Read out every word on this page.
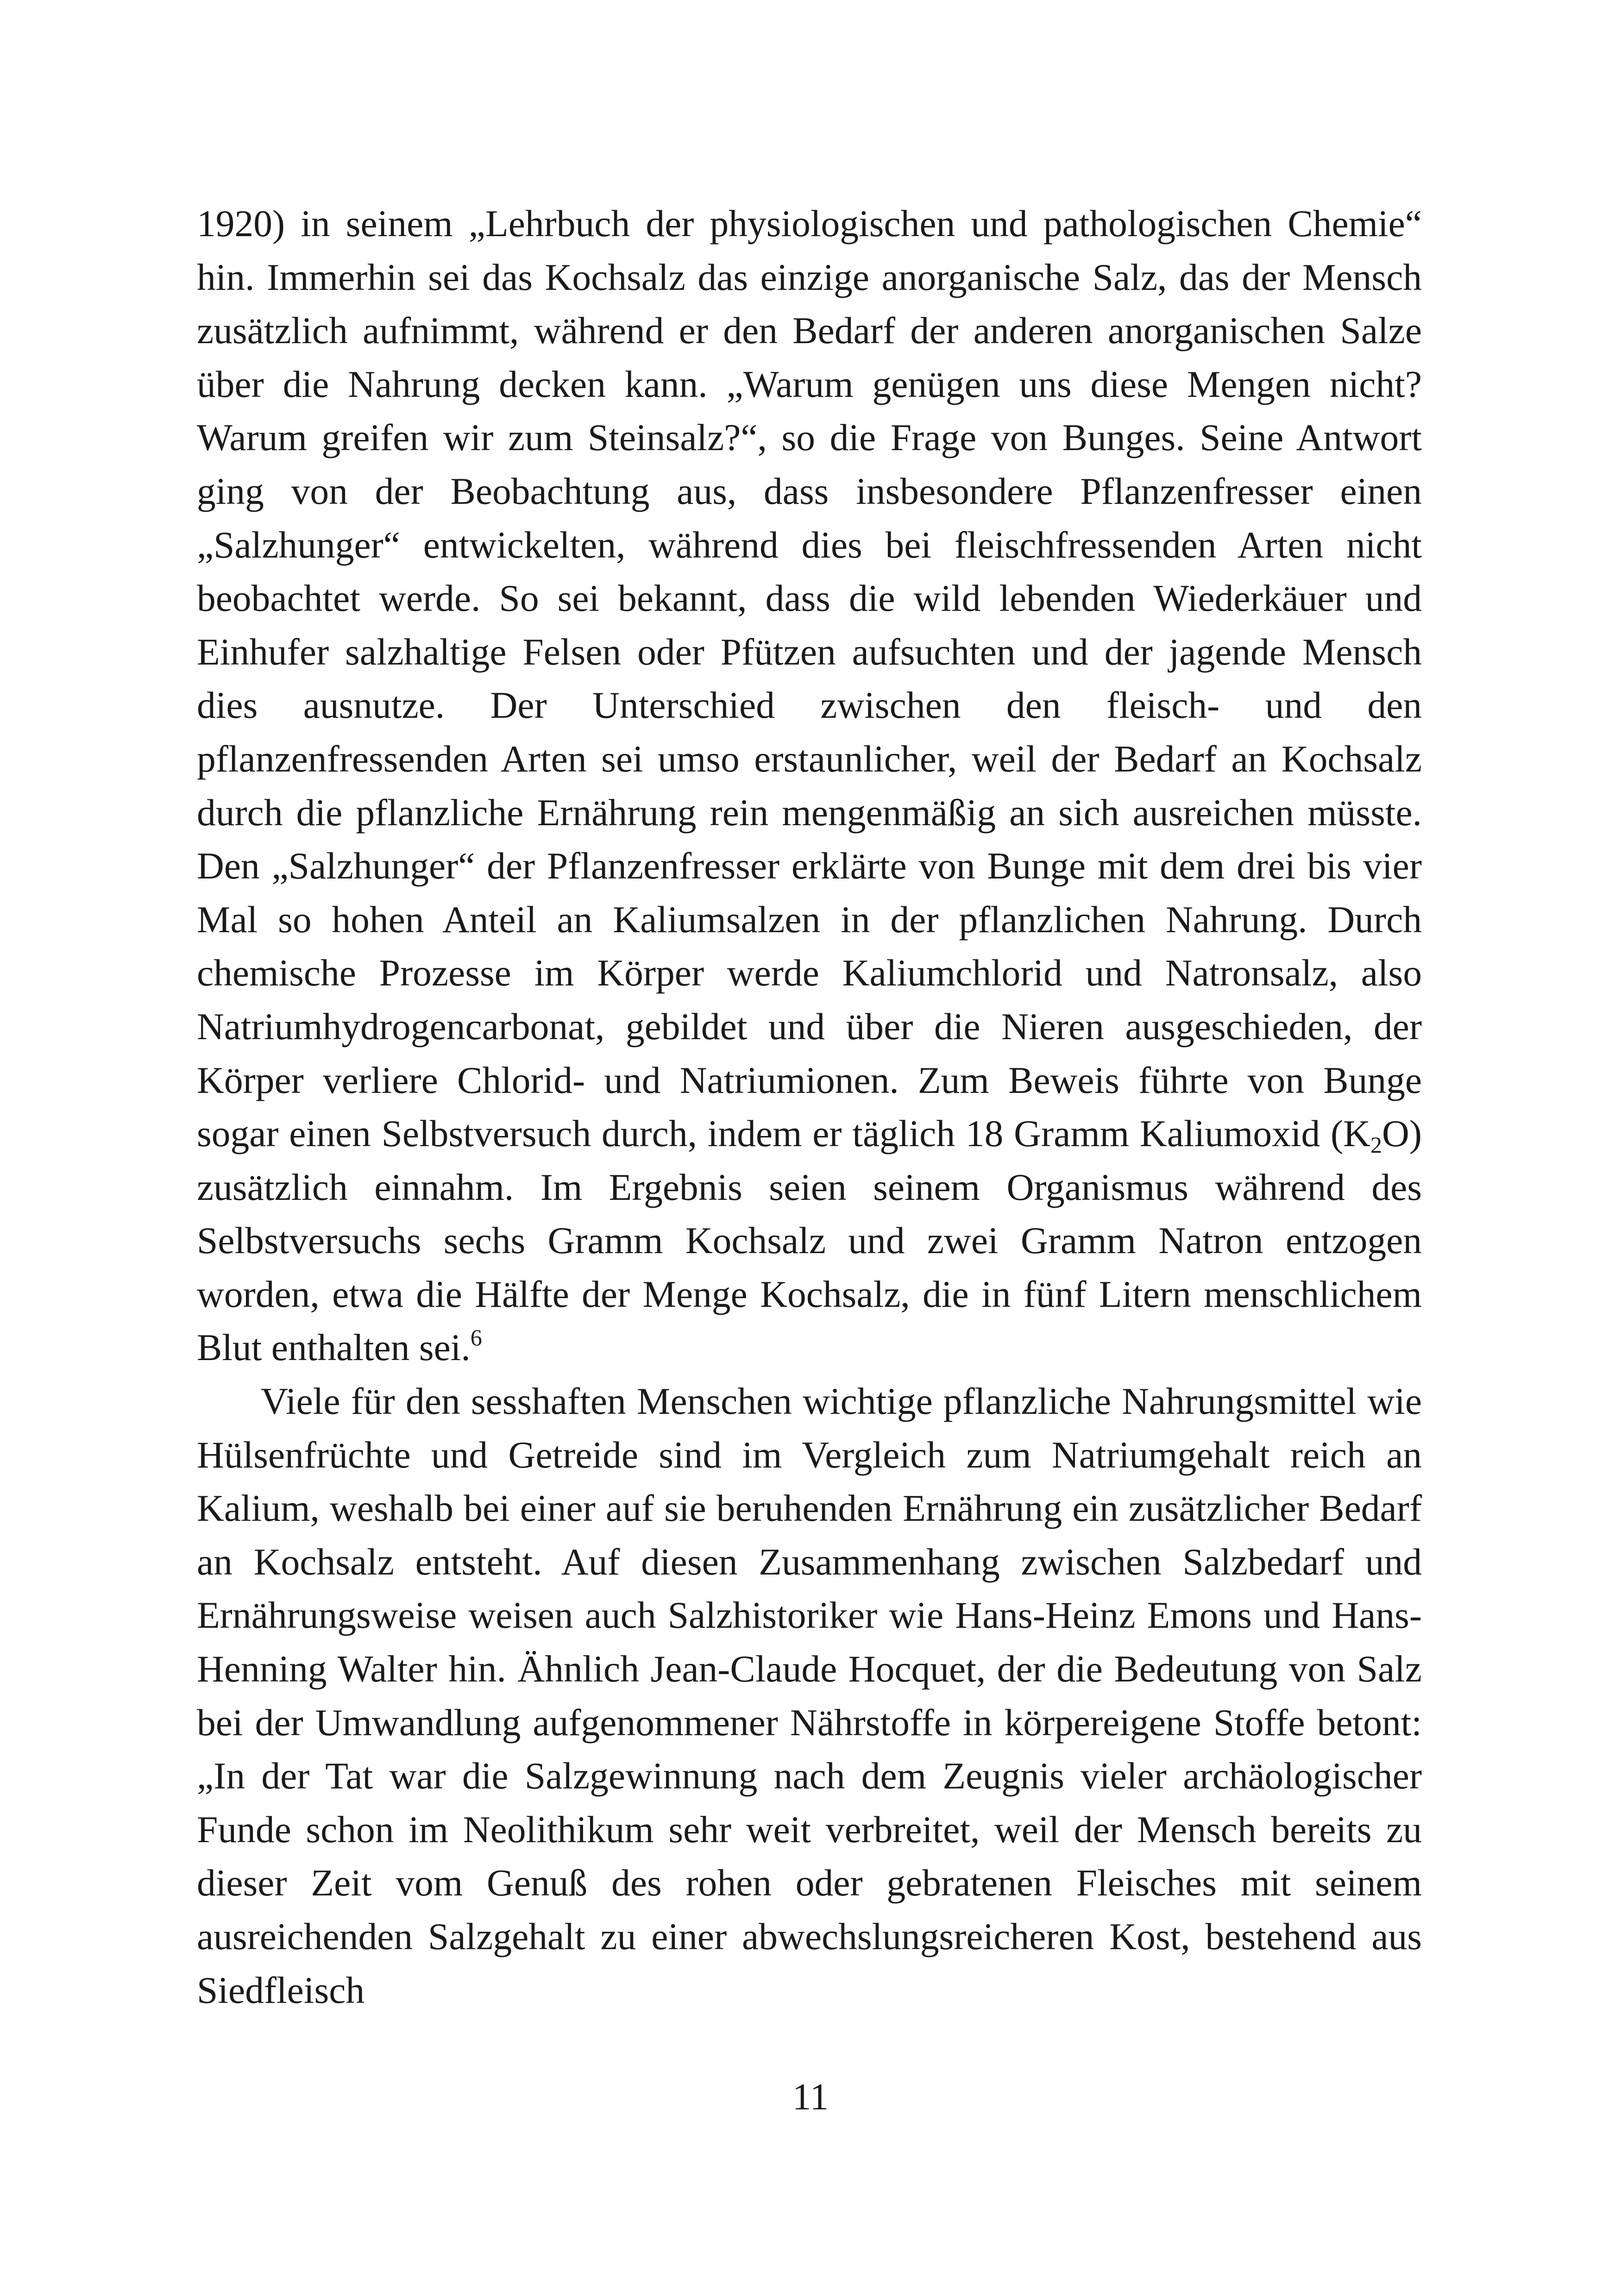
1920) in seinem „Lehrbuch der physiologischen und pathologischen Chemie“ hin. Immerhin sei das Kochsalz das einzige anorganische Salz, das der Mensch zusätzlich aufnimmt, während er den Bedarf der anderen anorganischen Salze über die Nahrung decken kann. „Warum genügen uns diese Mengen nicht? Warum greifen wir zum Steinsalz?“, so die Frage von Bunges. Seine Antwort ging von der Beobachtung aus, dass insbesondere Pflanzenfresser einen „Salzhunger“ entwickelten, während dies bei fleischfressenden Arten nicht beobachtet werde. So sei bekannt, dass die wild lebenden Wiederkäuer und Einhufer salzhaltige Felsen oder Pfützen aufsuchten und der jagende Mensch dies ausnutze. Der Unterschied zwischen den fleisch- und den pflanzenfressenden Arten sei umso erstaunlicher, weil der Bedarf an Kochsalz durch die pflanzliche Ernährung rein mengenmäßig an sich ausreichen müsste. Den „Salzhunger“ der Pflanzenfresser erklärte von Bunge mit dem drei bis vier Mal so hohen Anteil an Kaliumsalzen in der pflanzlichen Nahrung. Durch chemische Prozesse im Körper werde Kaliumchlorid und Natronsalz, also Natriumhydrogencarbonat, gebildet und über die Nieren ausgeschieden, der Körper verliere Chlorid- und Natriumionen. Zum Beweis führte von Bunge sogar einen Selbstversuch durch, indem er täglich 18 Gramm Kaliumoxid (K2O) zusätzlich einnahm. Im Ergebnis seien seinem Organismus während des Selbstversuchs sechs Gramm Kochsalz und zwei Gramm Natron entzogen worden, etwa die Hälfte der Menge Kochsalz, die in fünf Litern menschlichem Blut enthalten sei.$^6$

Viele für den sesshaften Menschen wichtige pflanzliche Nahrungsmittel wie Hülsenfrüchte und Getreide sind im Vergleich zum Natriumgehalt reich an Kalium, weshalb bei einer auf sie beruhenden Ernährung ein zusätzlicher Bedarf an Kochsalz entsteht. Auf diesen Zusammenhang zwischen Salzbedarf und Ernährungsweise weisen auch Salzhistoriker wie Hans-Heinz Emons und Hans-Henning Walter hin. Ähnlich Jean-Claude Hocquet, der die Bedeutung von Salz bei der Umwandlung aufgenommener Nährstoffe in körpereigene Stoffe betont: „In der Tat war die Salzgewinnung nach dem Zeugnis vieler archäologischer Funde schon im Neolithikum sehr weit verbreitet, weil der Mensch bereits zu dieser Zeit vom Genuß des rohen oder gebratenen Fleisches mit seinem ausreichenden Salzgehalt zu einer abwechslungsreicheren Kost, bestehend aus Siedfleisch

11
